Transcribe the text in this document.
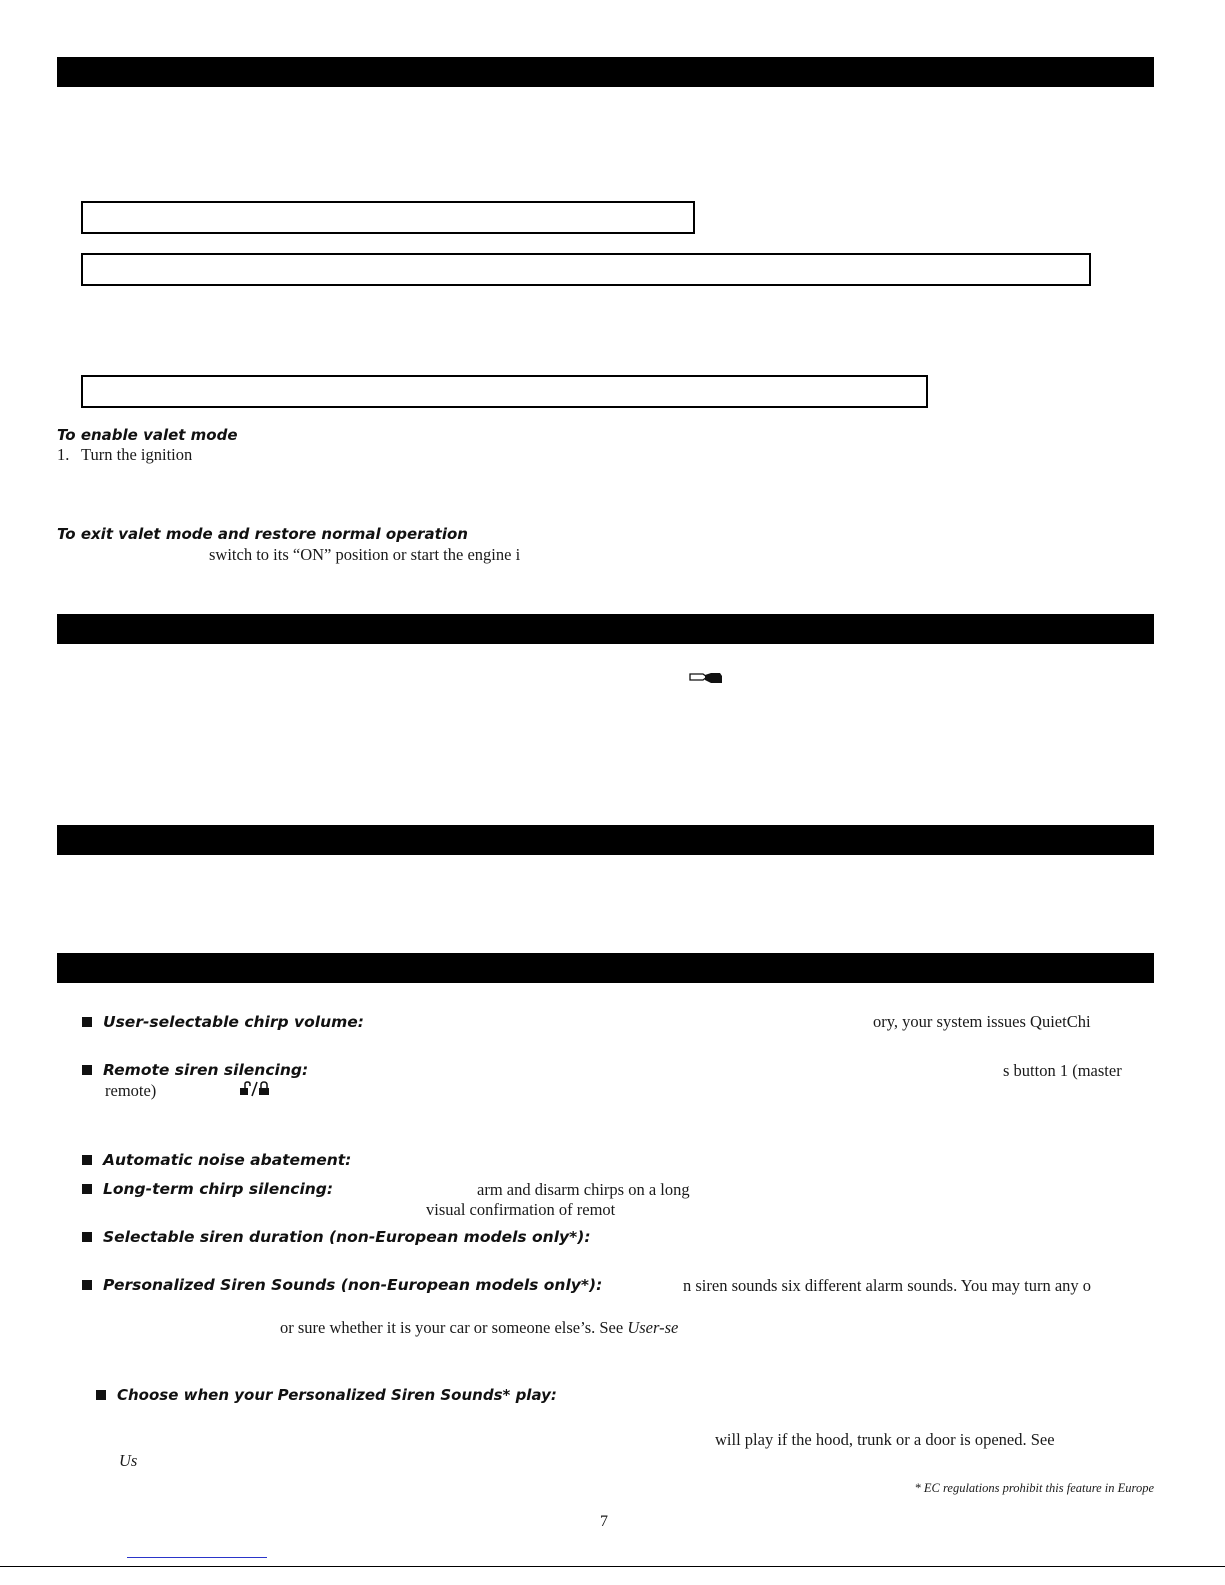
To enable valet mode
1. Turn the ignition
To exit valet mode and restore normal operation
switch to its “ON” position or start the engine i
User-selectable chirp volume:	ory, your system issues QuietChi
Remote siren silencing:	s button 1 (master
remote)
Automatic noise abatement:
Long-term chirp silencing:	arm and disarm chirps on a long
visual confirmation of remot
Selectable siren duration (non-European models only*):
Personalized Siren Sounds (non-European models only*):	n siren sounds six different alarm sounds. You may turn any o
or sure whether it is your car or someone else’s. See User-se
Choose when your Personalized Siren Sounds* play:
will play if the hood, trunk or a door is opened. See
Us
* EC regulations prohibit this feature in Europe
7
